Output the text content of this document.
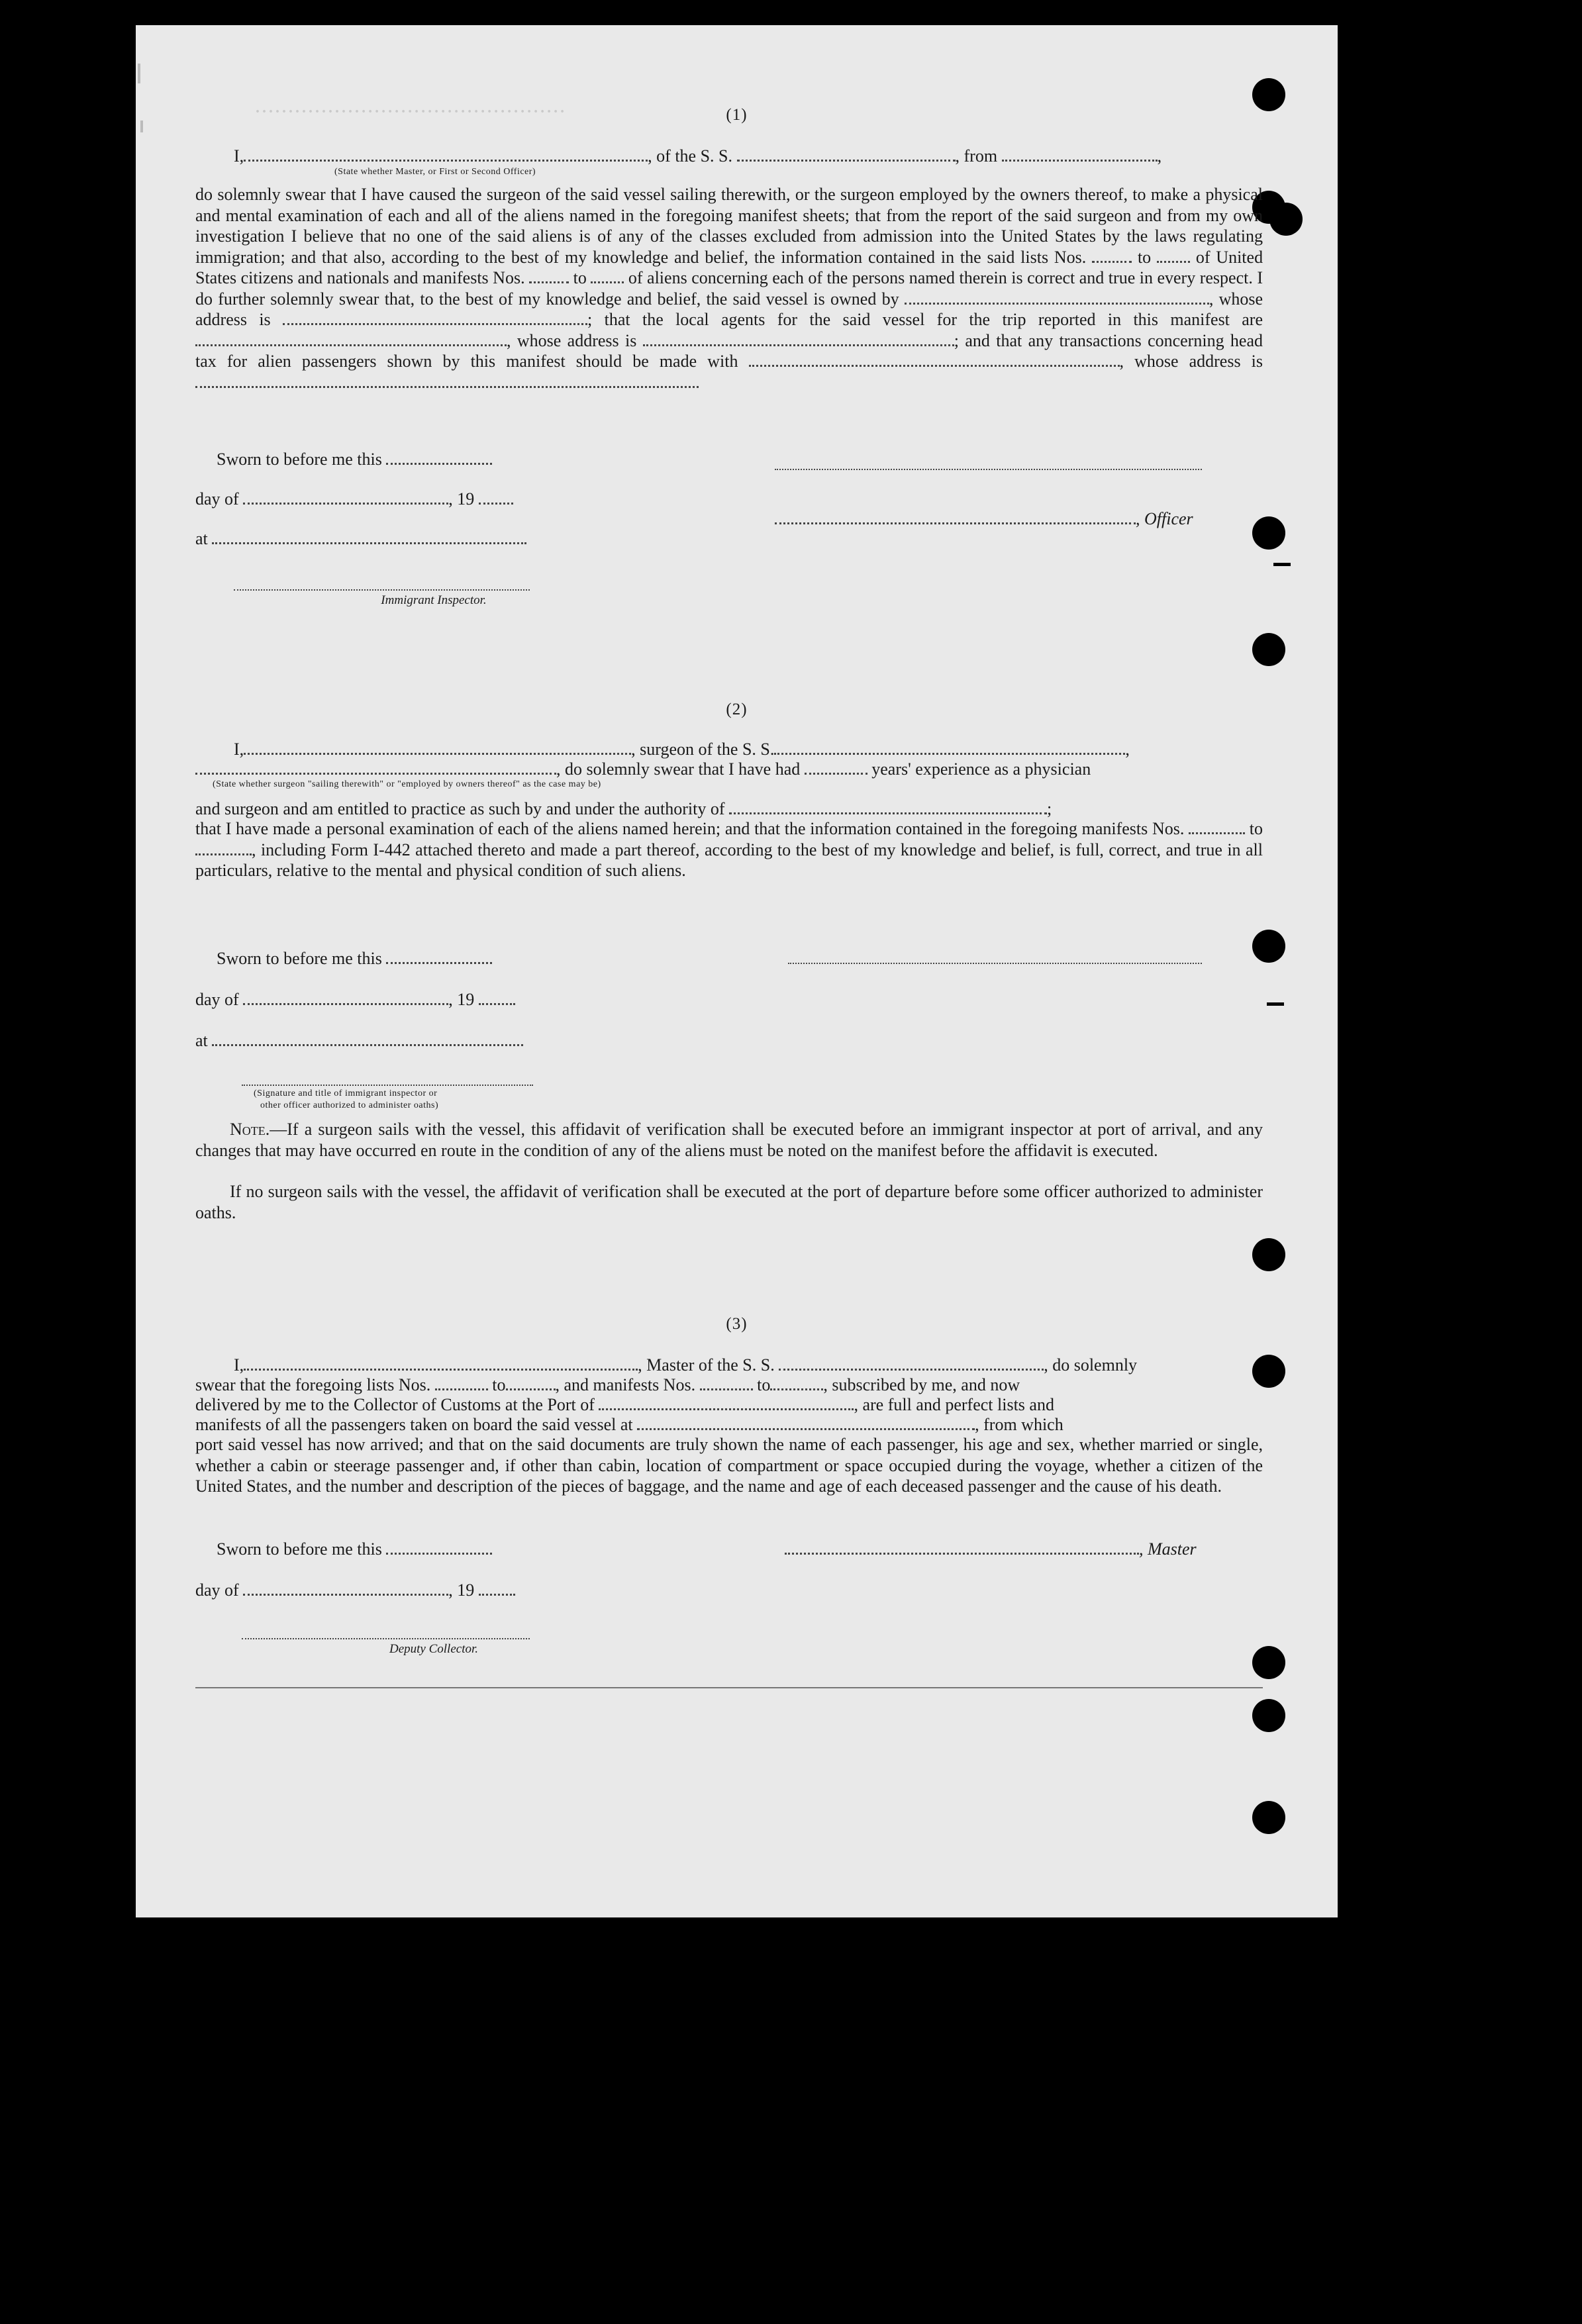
···············································	(1)
I,	, of the S. S.	, from	,
(State whether Master, or First or Second Officer)
do solemnly swear that I have caused the surgeon of the said vessel sailing therewith, or the surgeon employed by the owners thereof, to make a physical and mental examination of each and all of the aliens named in the foregoing manifest sheets; that from the report of the said surgeon and from my own investigation I believe that no one of the said aliens is of any of the classes excluded from admission into the United States by the laws regulating immigration; and that also, according to the best of my knowledge and belief, the information contained in the said lists Nos.	to	of United States citizens and nationals and manifests Nos.	to of aliens concerning each of the persons named therein is correct and true in every respect. I do further solemnly swear that, to the best of my knowledge and belief, the said vessel is owned by	, whose address is	; that the local agents for the said vessel for the trip reported in this manifest are , whose address is	; and that any transactions concerning head tax for alien passengers shown by this manifest should be made with	, whose address is
Sworn to before me this
day of	, 19
, Officer
at
Immigrant Inspector.
(2)
I,	, surgeon of the S. S.	,
, do solemnly swear that I have had	years' experience as a physician
(State whether surgeon "sailing therewith" or "employed by owners thereof" as the case may be)
and surgeon and am entitled to practice as such by and under the authority of	;
that I have made a personal examination of each of the aliens named herein; and that the information contained in the foregoing manifests Nos.	to , including Form I-442 attached thereto and made a part thereof, according to the best of my knowledge and belief, is full, correct, and true in all particulars, relative to the mental and physical condition of such aliens.
Sworn to before me this
day of	, 19
at
(Signature and title of immigrant inspector or
other officer authorized to administer oaths)
Note.—If a surgeon sails with the vessel, this affidavit of verification shall be executed before an immigrant inspector at port of arrival, and any changes that may have occurred en route in the condition of any of the aliens must be noted on the manifest before the affidavit is executed.
If no surgeon sails with the vessel, the affidavit of verification shall be executed at the port of departure before some officer authorized to administer oaths.
(3)
I,	, Master of the S. S.	, do solemnly
swear that the foregoing lists Nos.	to	, and manifests Nos.	to	, subscribed by me, and now
delivered by me to the Collector of Customs at the Port of	, are full and perfect lists and
manifests of all the passengers taken on board the said vessel at	, from which
port said vessel has now arrived; and that on the said documents are truly shown the name of each passenger, his age and sex, whether married or single, whether a cabin or steerage passenger and, if other than cabin, location of compartment or space occupied during the voyage, whether a citizen of the United States, and the number and description of the pieces of baggage, and the name and age of each deceased passenger and the cause of his death.
Sworn to before me this	, Master
day of	, 19
Deputy Collector.
